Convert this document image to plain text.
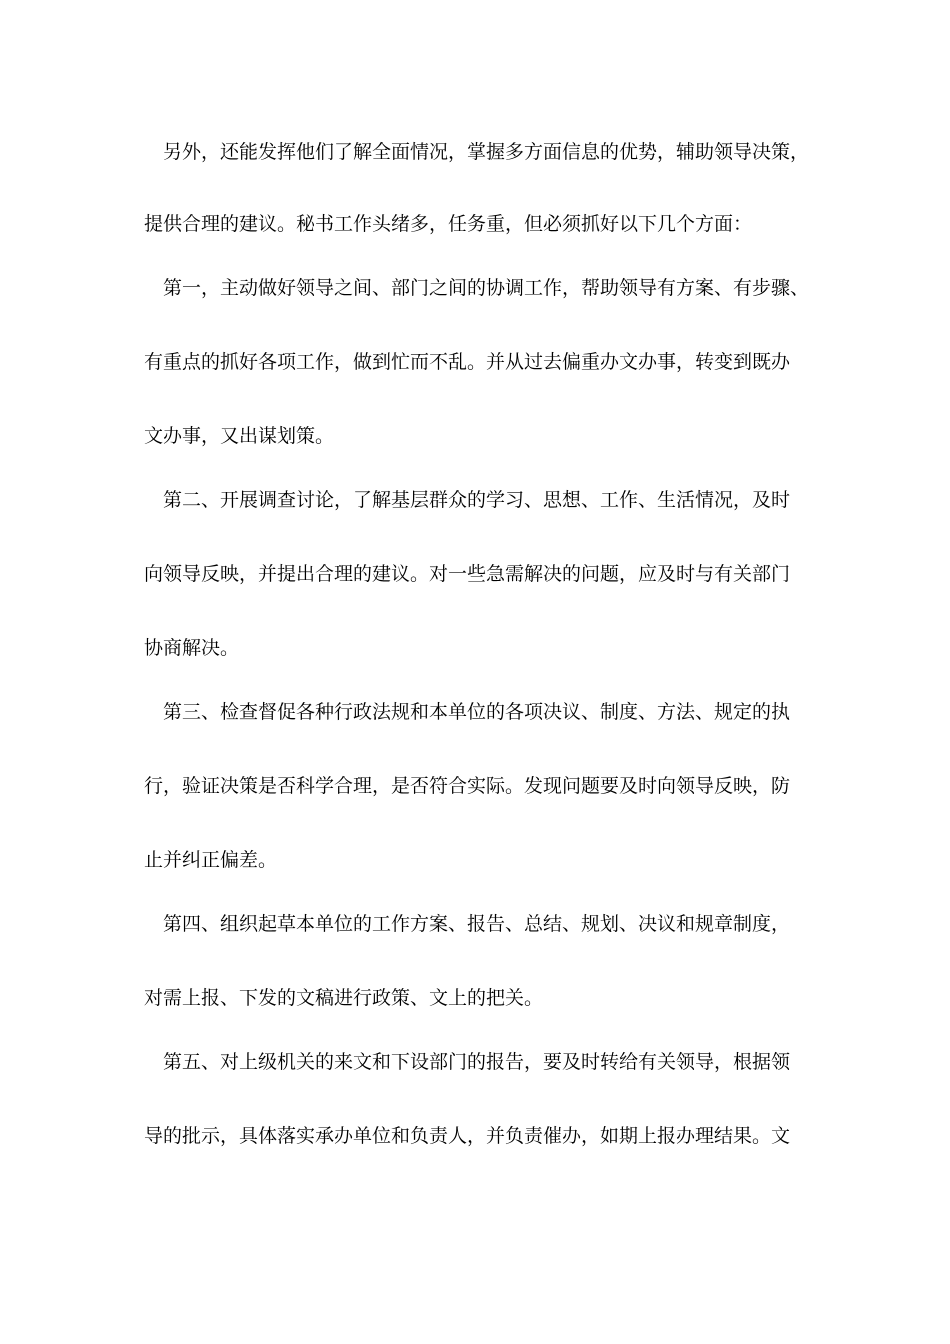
　另外，还能发挥他们了解全面情况，掌握多方面信息的优势，辅助领导决策，
提供合理的建议。秘书工作头绪多，任务重，但必须抓好以下几个方面：
　第一，主动做好领导之间、部门之间的协调工作，帮助领导有方案、有步骤、
有重点的抓好各项工作，做到忙而不乱。并从过去偏重办文办事，转变到既办
文办事，又出谋划策。
　第二、开展调查讨论，了解基层群众的学习、思想、工作、生活情况，及时
向领导反映，并提出合理的建议。对一些急需解决的问题，应及时与有关部门
协商解决。
　第三、检查督促各种行政法规和本单位的各项决议、制度、方法、规定的执
行，验证决策是否科学合理，是否符合实际。发现问题要及时向领导反映，防
止并纠正偏差。
　第四、组织起草本单位的工作方案、报告、总结、规划、决议和规章制度，
对需上报、下发的文稿进行政策、文上的把关。
　第五、对上级机关的来文和下设部门的报告，要及时转给有关领导，根据领
导的批示，具体落实承办单位和负责人，并负责催办，如期上报办理结果。文
